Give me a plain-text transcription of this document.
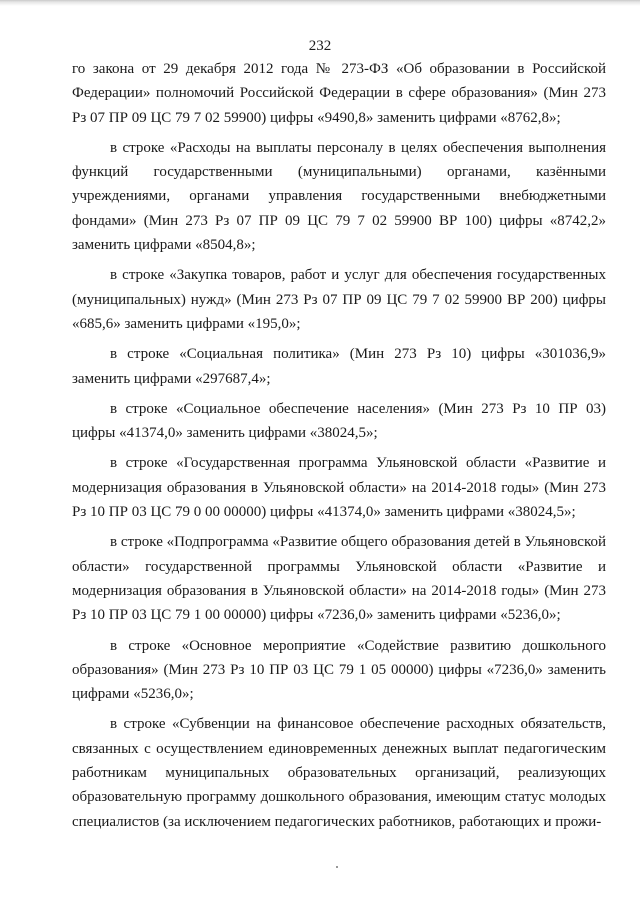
232

го закона от 29 декабря 2012 года № 273-ФЗ «Об образовании в Российской Федерации» полномочий Российской Федерации в сфере образования» (Мин 273 Рз 07 ПР 09 ЦС 79 7 02 59900) цифры «9490,8» заменить цифрами «8762,8»;

в строке «Расходы на выплаты персоналу в целях обеспечения выполнения функций государственными (муниципальными) органами, казёнными учреждениями, органами управления государственными внебюджетными фондами» (Мин 273 Рз 07 ПР 09 ЦС 79 7 02 59900 ВР 100) цифры «8742,2» заменить цифрами «8504,8»;

в строке «Закупка товаров, работ и услуг для обеспечения государственных (муниципальных) нужд» (Мин 273 Рз 07 ПР 09 ЦС 79 7 02 59900 ВР 200) цифры «685,6» заменить цифрами «195,0»;

в строке «Социальная политика» (Мин 273 Рз 10) цифры «301036,9» заменить цифрами «297687,4»;

в строке «Социальное обеспечение населения» (Мин 273 Рз 10 ПР 03) цифры «41374,0» заменить цифрами «38024,5»;

в строке «Государственная программа Ульяновской области «Развитие и модернизация образования в Ульяновской области» на 2014-2018 годы» (Мин 273 Рз 10 ПР 03 ЦС 79 0 00 00000) цифры «41374,0» заменить цифрами «38024,5»;

в строке «Подпрограмма «Развитие общего образования детей в Ульяновской области» государственной программы Ульяновской области «Развитие и модернизация образования в Ульяновской области» на 2014-2018 годы» (Мин 273 Рз 10 ПР 03 ЦС 79 1 00 00000) цифры «7236,0» заменить цифрами «5236,0»;

в строке «Основное мероприятие «Содействие развитию дошкольного образования» (Мин 273 Рз 10 ПР 03 ЦС 79 1 05 00000) цифры «7236,0» заменить цифрами «5236,0»;

в строке «Субвенции на финансовое обеспечение расходных обязательств, связанных с осуществлением единовременных денежных выплат педагогическим работникам муниципальных образовательных организаций, реализующих образовательную программу дошкольного образования, имеющим статус молодых специалистов (за исключением педагогических работников, работающих и прожи-
